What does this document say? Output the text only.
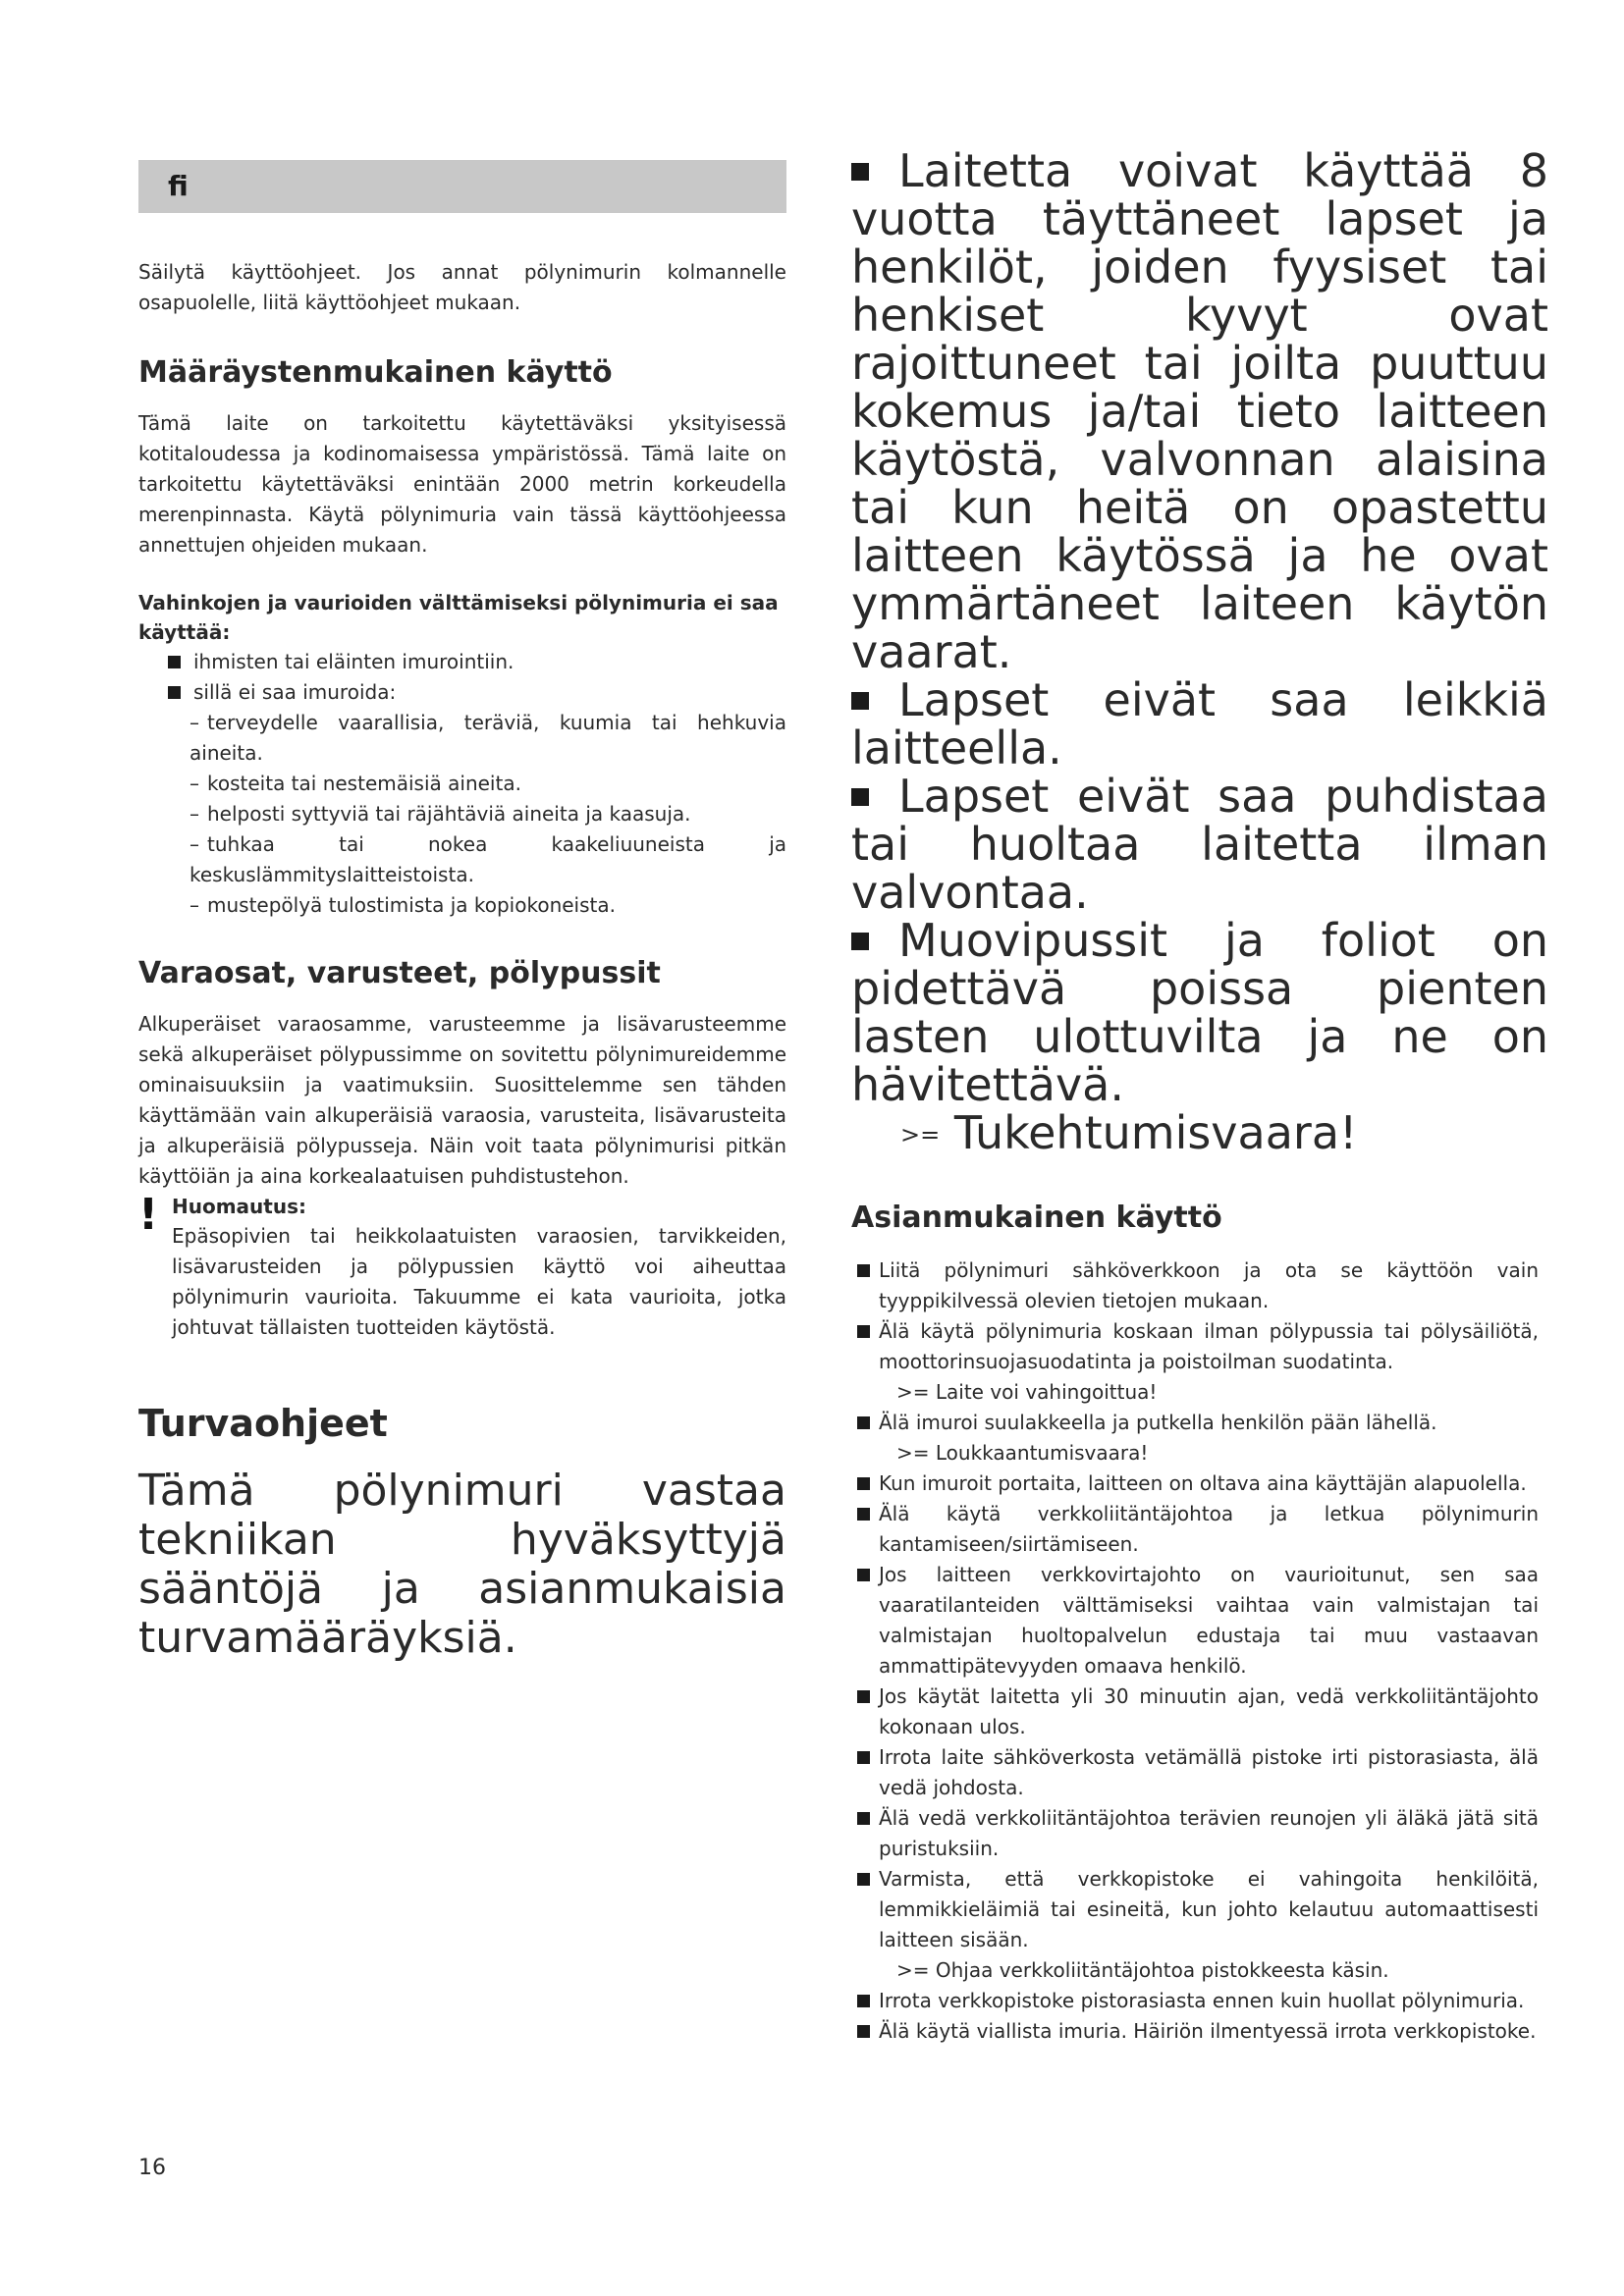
fi

Säilytä käyttöohjeet. Jos annat pölynimurin kolmannelle osapuolelle, liitä käyttöohjeet mukaan.

Määräystenmukainen käyttö

Tämä laite on tarkoitettu käytettäväksi yksityisessä kotitaloudessa ja kodinomaisessa ympäristössä. Tämä laite on tarkoitettu käytettäväksi enintään 2000 metrin korkeudella merenpinnasta. Käytä pölynimuria vain tässä käyttöohjeessa annettujen ohjeiden mukaan.

Vahinkojen ja vaurioiden välttämiseksi pölynimuria ei saa käyttää:

ihmisten tai eläinten imurointiin.
sillä ei saa imuroida:
– terveydelle vaarallisia, teräviä, kuumia tai hehkuvia aineita.
– kosteita tai nestemäisiä aineita.
– helposti syttyviä tai räjähtäviä aineita ja kaasuja.
– tuhkaa tai nokea kaakeliuuneista ja keskuslämmityslaitteistoista.
– mustepölyä tulostimista ja kopiokoneista.

Varaosat, varusteet, pölypussit

Alkuperäiset varaosamme, varusteemme ja lisävarusteemme sekä alkuperäiset pölypussimme on sovitettu pölynimureidemme ominaisuuksiin ja vaatimuksiin. Suosittelemme sen tähden käyttämään vain alkuperäisiä varaosia, varusteita, lisävarusteita ja alkuperäisiä pölypusseja. Näin voit taata pölynimurisi pitkän käyttöiän ja aina korkealaatuisen puhdistustehon.

! Huomautus:

Epäsopivien tai heikkolaatuisten varaosien, tarvikkeiden, lisävarusteiden ja pölypussien käyttö voi aiheuttaa pölynimurin vaurioita. Takuumme ei kata vaurioita, jotka johtuvat tällaisten tuotteiden käytöstä.

Turvaohjeet

Tämä pölynimuri vastaa tekniikan hyväksyttyjä sääntöjä ja asianmukaisia turvamääräyksiä.

Laitetta voivat käyttää 8 vuotta täyttäneet lapset ja henkilöt, joiden fyysiset tai henkiset kyvyt ovat rajoittuneet tai joilta puuttuu kokemus ja/tai tieto laitteen käytöstä, valvonnan alaisina tai kun heitä on opastettu laitteen käytössä ja he ovat ymmärtäneet laiteen käytön vaarat.
Lapset eivät saa leikkiä laitteella.
Lapset eivät saa puhdistaa tai huoltaa laitetta ilman valvontaa.
Muovipussit ja foliot on pidettävä poissa pienten lasten ulottuvilta ja ne on hävitettävä.
>= Tukehtumisvaara!

Asianmukainen käyttö

Liitä pölynimuri sähköverkkoon ja ota se käyttöön vain tyyppikilvessä olevien tietojen mukaan.
Älä käytä pölynimuria koskaan ilman pölypussia tai pölysäiliötä, moottorinsuojasuodatinta ja poistoilman suodatinta.
>= Laite voi vahingoittua!
Älä imuroi suulakkeella ja putkella henkilön pään lähellä.
>= Loukkaantumisvaara!
Kun imuroit portaita, laitteen on oltava aina käyttäjän alapuolella.
Älä käytä verkkoliitäntäjohtoa ja letkua pölynimurin kantamiseen/siirtämiseen.
Jos laitteen verkkovirtajohto on vaurioitunut, sen saa vaaratilanteiden välttämiseksi vaihtaa vain valmistajan tai valmistajan huoltopalvelun edustaja tai muu vastaavan ammattipätevyyden omaava henkilö.
Jos käytät laitetta yli 30 minuutin ajan, vedä verkkoliitäntäjohto kokonaan ulos.
Irrota laite sähköverkosta vetämällä pistoke irti pistorasiasta, älä vedä johdosta.
Älä vedä verkkoliitäntäjohtoa terävien reunojen yli äläkä jätä sitä puristuksiin.
Varmista, että verkkopistoke ei vahingoita henkilöitä, lemmikkieläimiä tai esineitä, kun johto kelautuu automaattisesti laitteen sisään.
>= Ohjaa verkkoliitäntäjohtoa pistokkeesta käsin.
Irrota verkkopistoke pistorasiasta ennen kuin huollat pölynimuria.
Älä käytä viallista imuria. Häiriön ilmentyessä irrota verkkopistoke.
16
